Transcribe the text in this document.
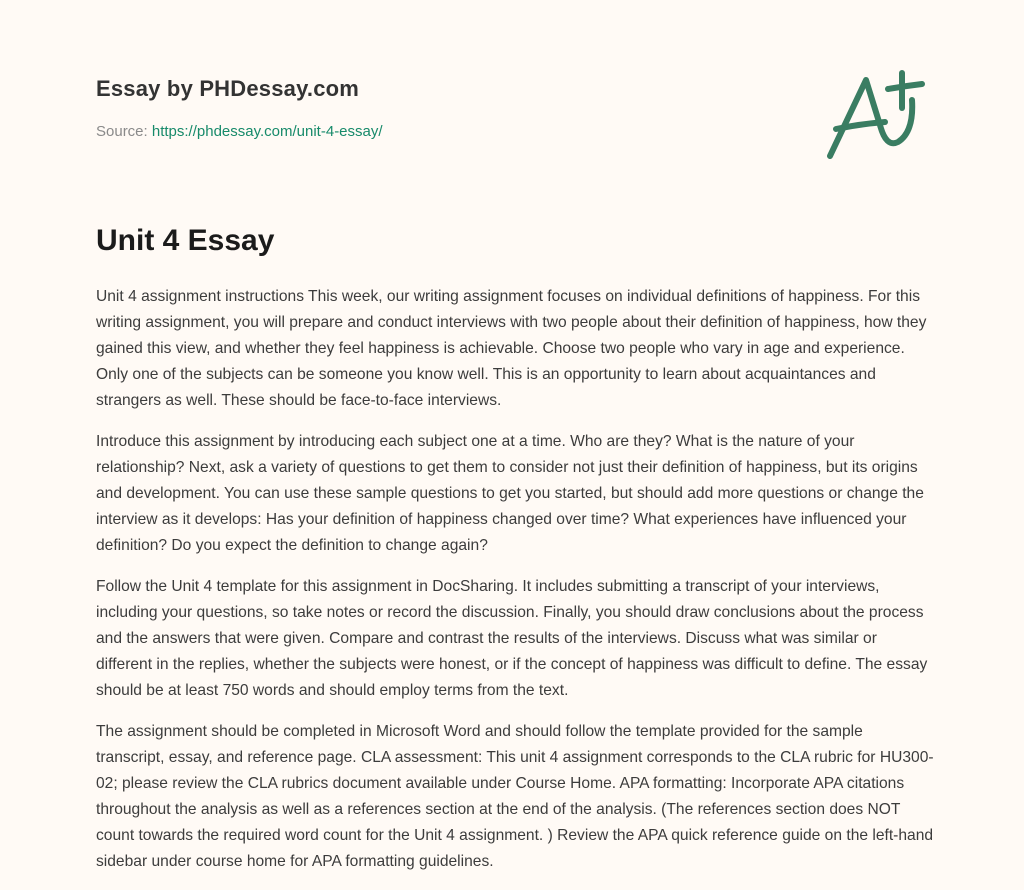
Essay by PHDessay.com
Source: https://phdessay.com/unit-4-essay/
Unit 4 Essay

Unit 4 assignment instructions This week, our writing assignment focuses on individual definitions of happiness. For this writing assignment, you will prepare and conduct interviews with two people about their definition of happiness, how they gained this view, and whether they feel happiness is achievable. Choose two people who vary in age and experience. Only one of the subjects can be someone you know well. This is an opportunity to learn about acquaintances and strangers as well. These should be face-to-face interviews.

Introduce this assignment by introducing each subject one at a time. Who are they? What is the nature of your relationship? Next, ask a variety of questions to get them to consider not just their definition of happiness, but its origins and development. You can use these sample questions to get you started, but should add more questions or change the interview as it develops: Has your definition of happiness changed over time? What experiences have influenced your definition? Do you expect the definition to change again?

Follow the Unit 4 template for this assignment in DocSharing. It includes submitting a transcript of your interviews, including your questions, so take notes or record the discussion. Finally, you should draw conclusions about the process and the answers that were given. Compare and contrast the results of the interviews. Discuss what was similar or different in the replies, whether the subjects were honest, or if the concept of happiness was difficult to define. The essay should be at least 750 words and should employ terms from the text.

The assignment should be completed in Microsoft Word and should follow the template provided for the sample transcript, essay, and reference page. CLA assessment: This unit 4 assignment corresponds to the CLA rubric for HU300-02; please review the CLA rubrics document available under Course Home. APA formatting: Incorporate APA citations throughout the analysis as well as a references section at the end of the analysis. (The references section does NOT count towards the required word count for the Unit 4 assignment. ) Review the APA quick reference guide on the left-hand sidebar under course home for APA formatting guidelines.
